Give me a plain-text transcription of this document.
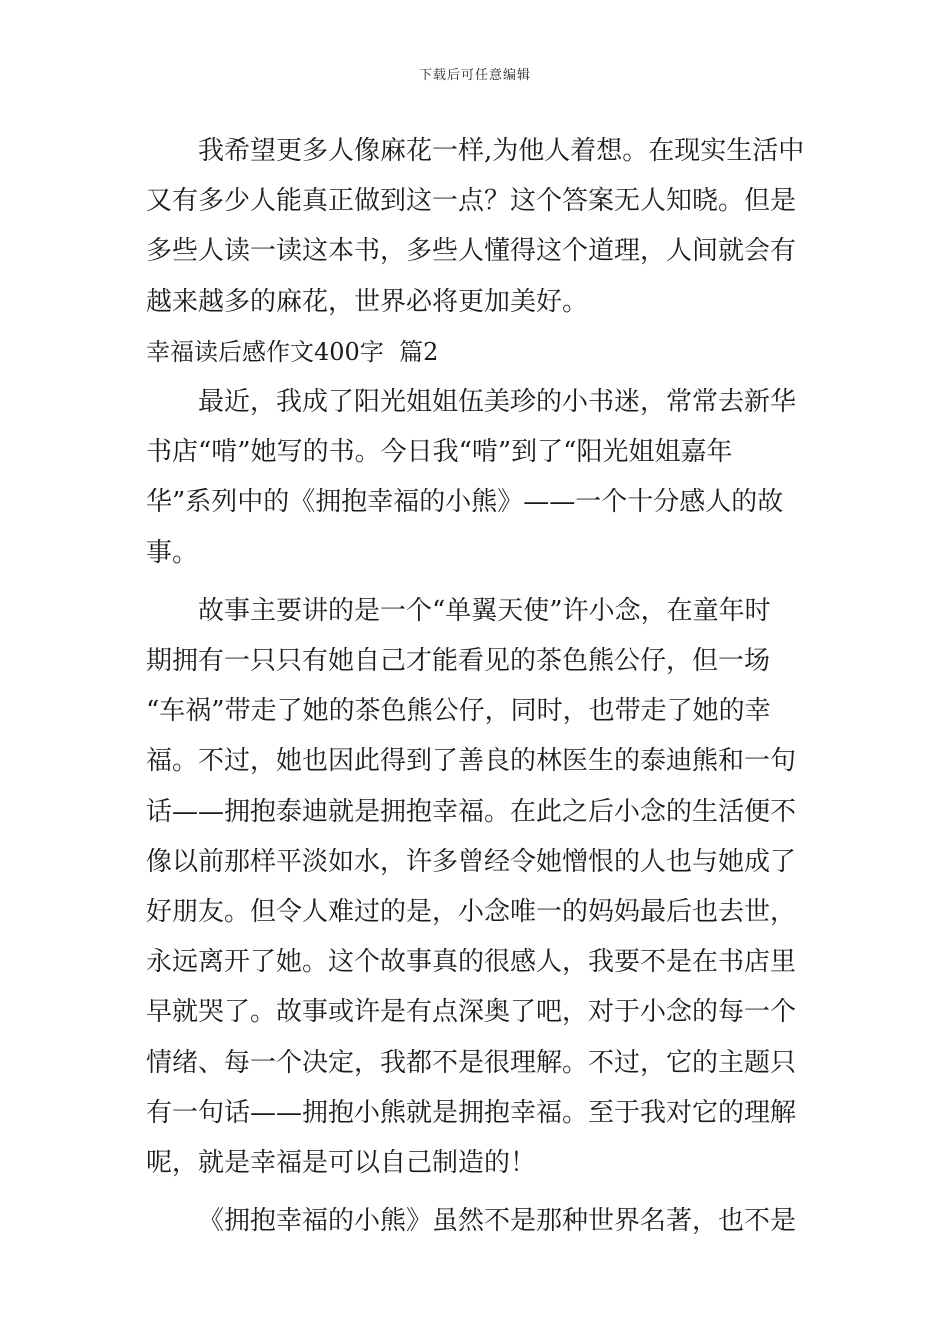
下载后可任意编辑
我希望更多人像麻花一样,为他人着想。在现实生活中
又有多少人能真正做到这一点？这个答案无人知晓。但是
多些人读一读这本书，多些人懂得这个道理，人间就会有
越来越多的麻花，世界必将更加美好。
幸福读后感作文400字  篇2
最近，我成了阳光姐姐伍美珍的小书迷，常常去新华
书店“啃”她写的书。今日我“啃”到了“阳光姐姐嘉年
华”系列中的《拥抱幸福的小熊》——一个十分感人的故
事。
故事主要讲的是一个“单翼天使”许小念，在童年时
期拥有一只只有她自己才能看见的茶色熊公仔，但一场
“车祸”带走了她的茶色熊公仔，同时，也带走了她的幸
福。不过，她也因此得到了善良的林医生的泰迪熊和一句
话——拥抱泰迪就是拥抱幸福。在此之后小念的生活便不
像以前那样平淡如水，许多曾经令她憎恨的人也与她成了
好朋友。但令人难过的是，小念唯一的妈妈最后也去世，
永远离开了她。这个故事真的很感人，我要不是在书店里
早就哭了。故事或许是有点深奥了吧，对于小念的每一个
情绪、每一个决定，我都不是很理解。不过，它的主题只
有一句话——拥抱小熊就是拥抱幸福。至于我对它的理解
呢，就是幸福是可以自己制造的！
《拥抱幸福的小熊》虽然不是那种世界名著，也不是
